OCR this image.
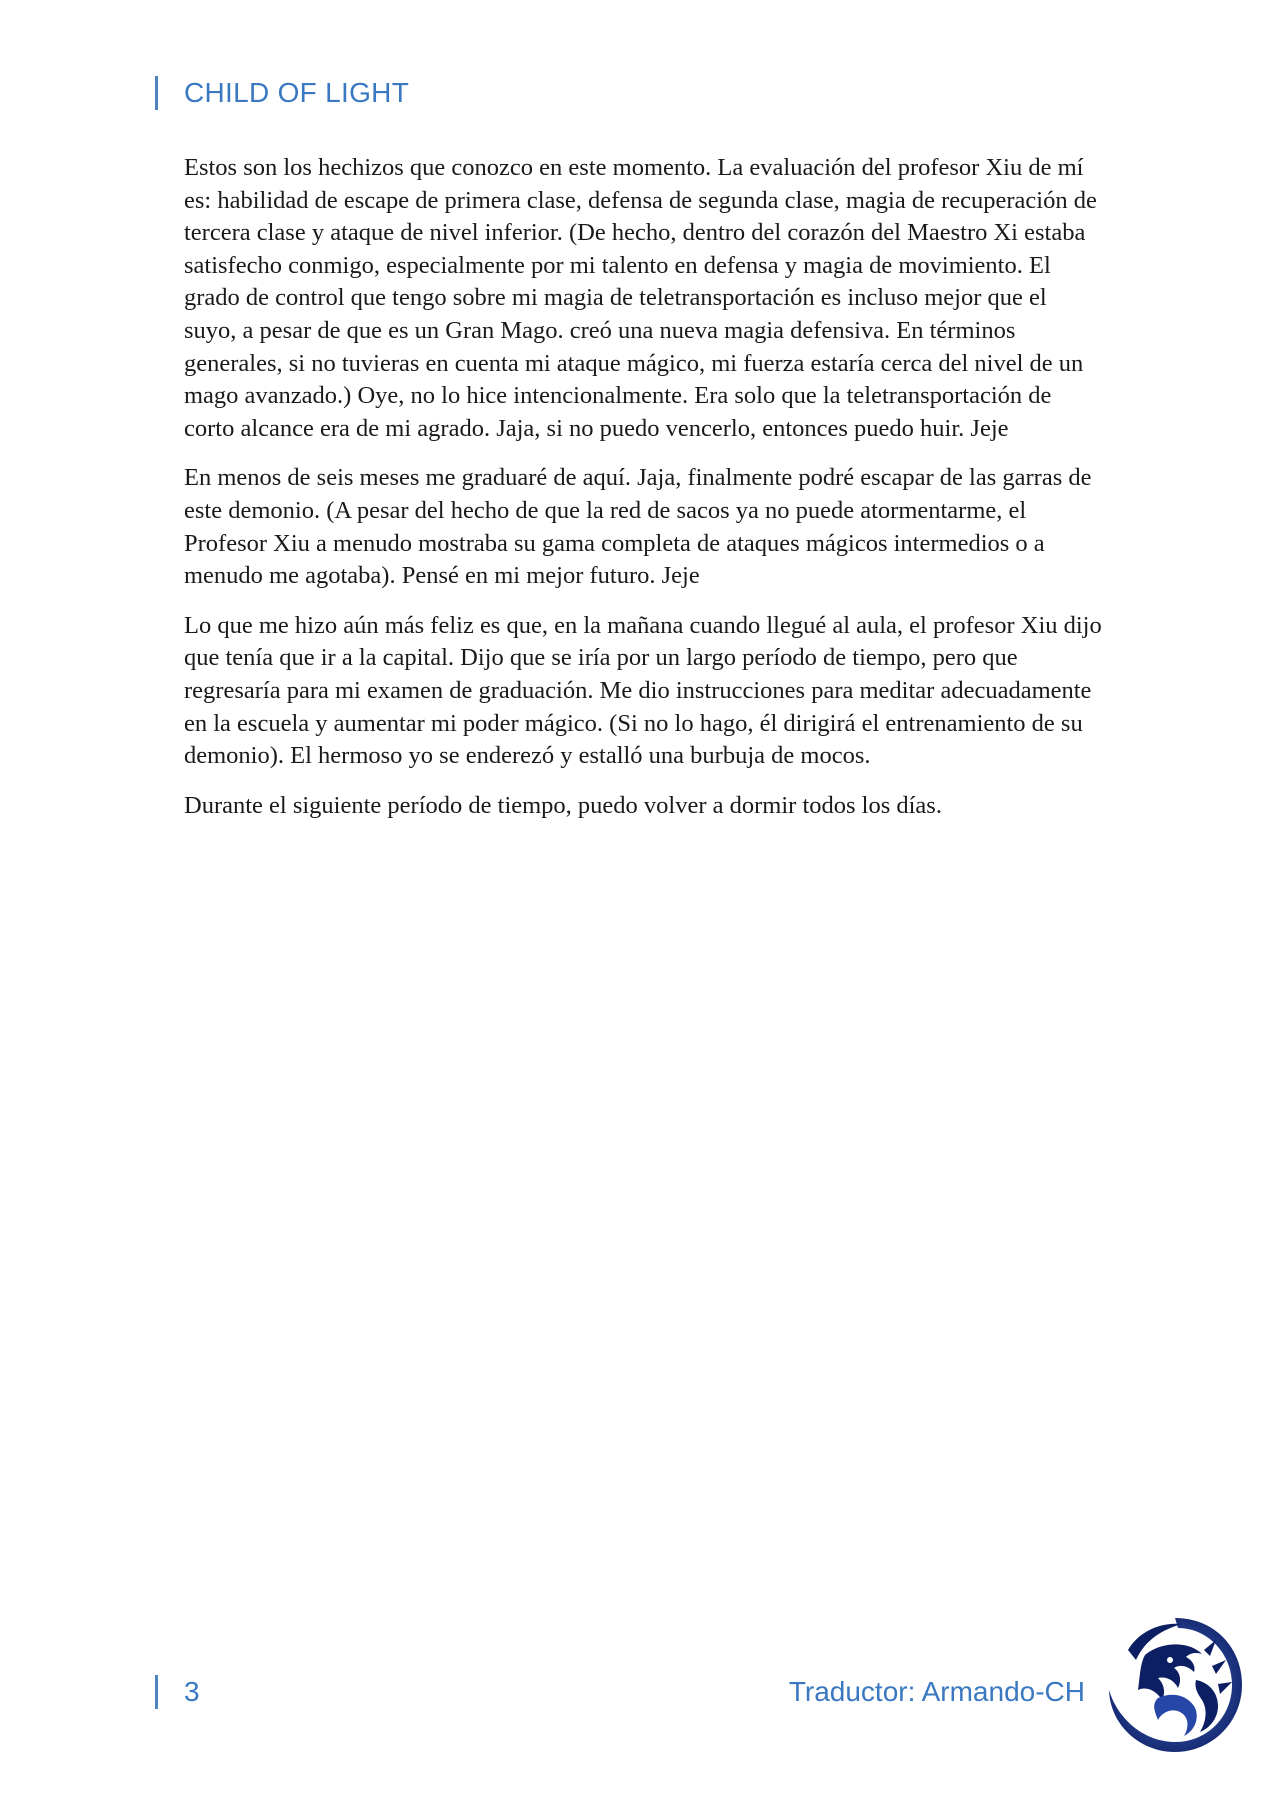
CHILD OF LIGHT

Estos son los hechizos que conozco en este momento. La evaluación del profesor Xiu de mí es: habilidad de escape de primera clase, defensa de segunda clase, magia de recuperación de tercera clase y ataque de nivel inferior. (De hecho, dentro del corazón del Maestro Xi estaba satisfecho conmigo, especialmente por mi talento en defensa y magia de movimiento. El grado de control que tengo sobre mi magia de teletransportación es incluso mejor que el suyo, a pesar de que es un Gran Mago. creó una nueva magia defensiva. En términos generales, si no tuvieras en cuenta mi ataque mágico, mi fuerza estaría cerca del nivel de un mago avanzado.) Oye, no lo hice intencionalmente. Era solo que la teletransportación de corto alcance era de mi agrado. Jaja, si no puedo vencerlo, entonces puedo huir. Jeje

En menos de seis meses me graduaré de aquí. Jaja, finalmente podré escapar de las garras de este demonio. (A pesar del hecho de que la red de sacos ya no puede atormentarme, el Profesor Xiu a menudo mostraba su gama completa de ataques mágicos intermedios o a menudo me agotaba). Pensé en mi mejor futuro. Jeje

Lo que me hizo aún más feliz es que, en la mañana cuando llegué al aula, el profesor Xiu dijo que tenía que ir a la capital. Dijo que se iría por un largo período de tiempo, pero que regresaría para mi examen de graduación. Me dio instrucciones para meditar adecuadamente en la escuela y aumentar mi poder mágico. (Si no lo hago, él dirigirá el entrenamiento de su demonio). El hermoso yo se enderezó y estalló una burbuja de mocos.

Durante el siguiente período de tiempo, puedo volver a dormir todos los días.

3	Traductor: Armando-CH
